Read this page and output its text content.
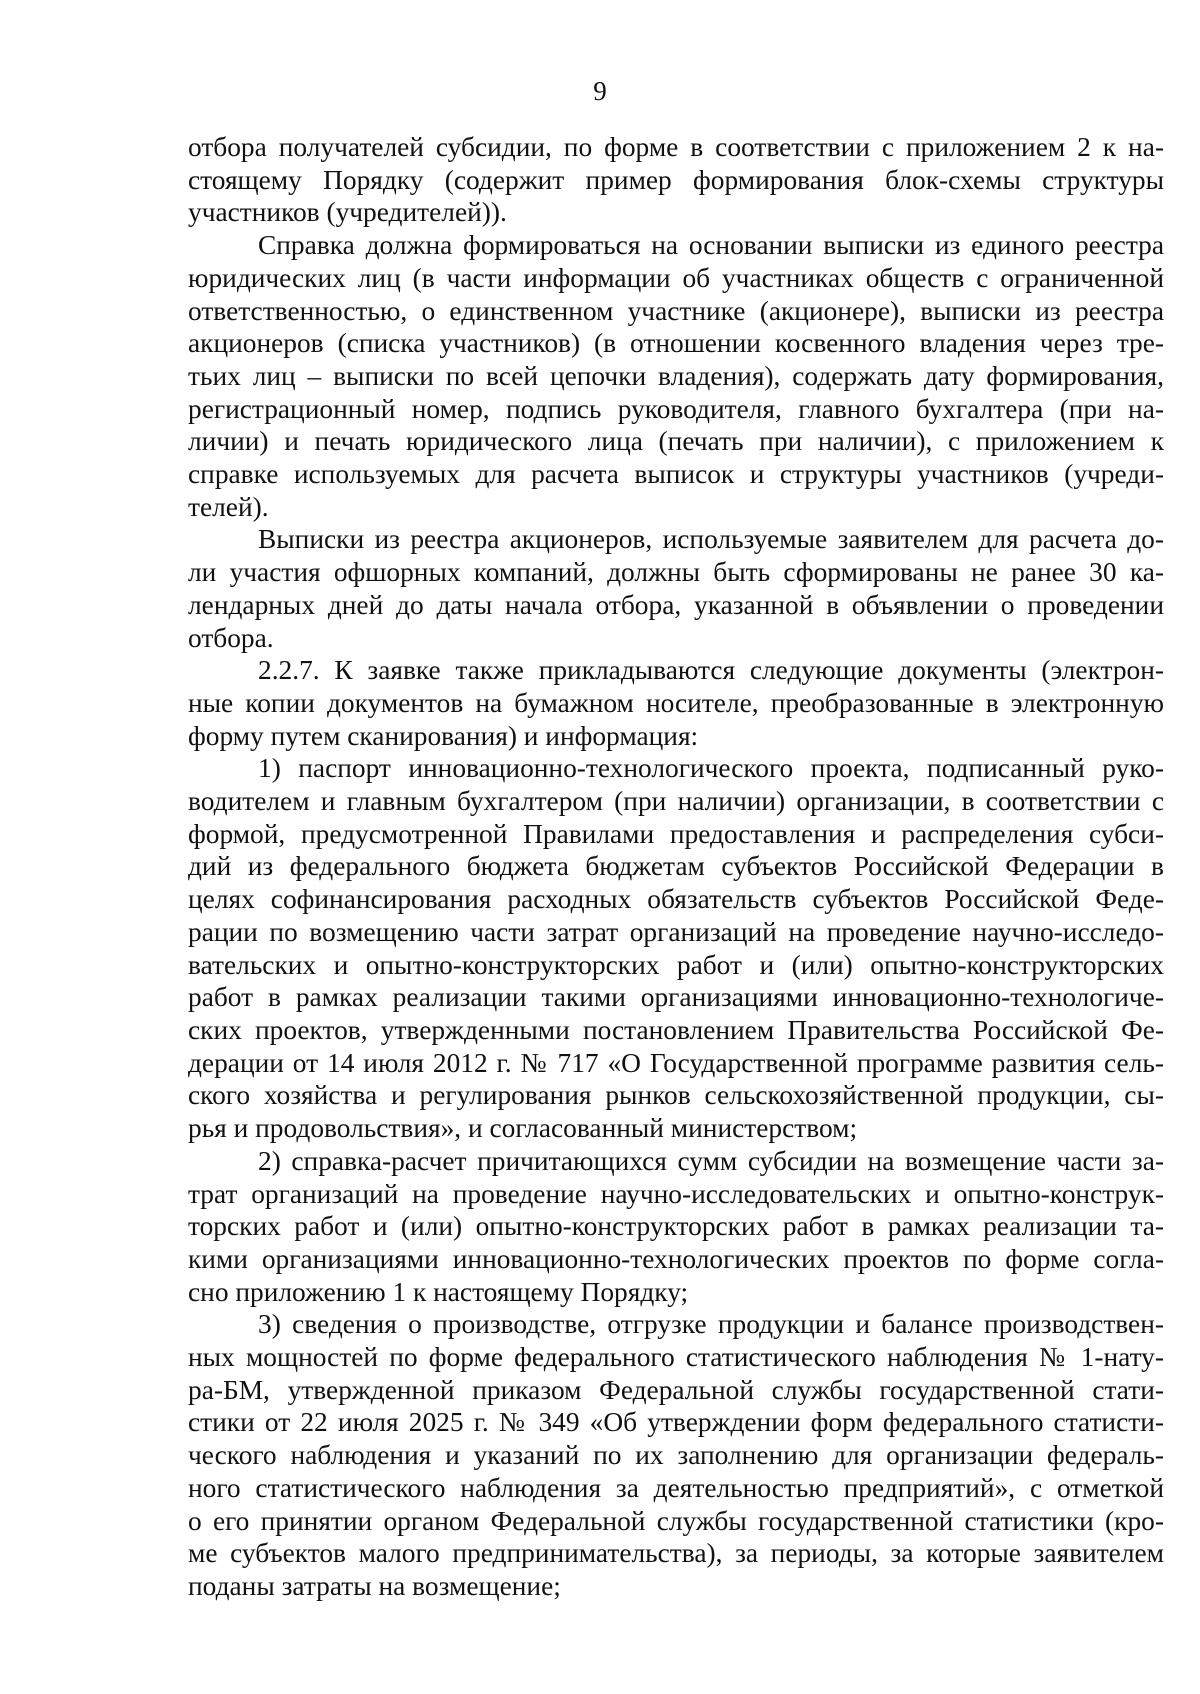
9

отбора получателей субсидии, по форме в соответствии с приложением 2 к на-

стоящему Порядку (содержит пример формирования блок-схемы структуры

участников (учредителей)).

Справка должна формироваться на основании выписки из единого реестра

юридических лиц (в части информации об участниках обществ с ограниченной

ответственностью, о единственном участнике (акционере), выписки из реестра

акционеров (списка участников) (в отношении косвенного владения через тре-

тьих лиц – выписки по всей цепочки владения), содержать дату формирования,

регистрационный номер, подпись руководителя, главного бухгалтера (при на-

личии) и печать юридического лица (печать при наличии), с приложением к

справке используемых для расчета выписок и структуры участников (учреди-

телей).

Выписки из реестра акционеров, используемые заявителем для расчета до-

ли участия офшорных компаний, должны быть сформированы не ранее 30 ка-

лендарных дней до даты начала отбора, указанной в объявлении о проведении

отбора.

2.2.7. К заявке также прикладываются следующие документы (электрон-

ные копии документов на бумажном носителе, преобразованные в электронную

форму путем сканирования) и информация:

1) паспорт инновационно-технологического проекта, подписанный руко-

водителем и главным бухгалтером (при наличии) организации, в соответствии с

формой, предусмотренной Правилами предоставления и распределения субси-

дий из федерального бюджета бюджетам субъектов Российской Федерации в

целях софинансирования расходных обязательств субъектов Российской Феде-

рации по возмещению части затрат организаций на проведение научно-исследо-

вательских и опытно-конструкторских работ и (или) опытно-конструкторских

работ в рамках реализации такими организациями инновационно-технологиче-

ских проектов, утвержденными постановлением Правительства Российской Фе-

дерации от 14 июля 2012 г. № 717 «О Государственной программе развития сель-

ского хозяйства и регулирования рынков сельскохозяйственной продукции, сы-

рья и продовольствия», и согласованный министерством;

2) справка-расчет причитающихся сумм субсидии на возмещение части за-

трат организаций на проведение научно-исследовательских и опытно-конструк-

торских работ и (или) опытно-конструкторских работ в рамках реализации та-

кими организациями инновационно-технологических проектов по форме согла-

сно приложению 1 к настоящему Порядку;

3) сведения о производстве, отгрузке продукции и балансе производствен-

ных мощностей по форме федерального статистического наблюдения № 1-нату-

ра-БМ, утвержденной приказом Федеральной службы государственной стати-

стики от 22 июля 2025 г. № 349 «Об утверждении форм федерального статисти-

ческого наблюдения и указаний по их заполнению для организации федераль-

ного статистического наблюдения за деятельностью предприятий», с отметкой

о его принятии органом Федеральной службы государственной статистики (кро-

ме субъектов малого предпринимательства), за периоды, за которые заявителем

поданы затраты на возмещение;
